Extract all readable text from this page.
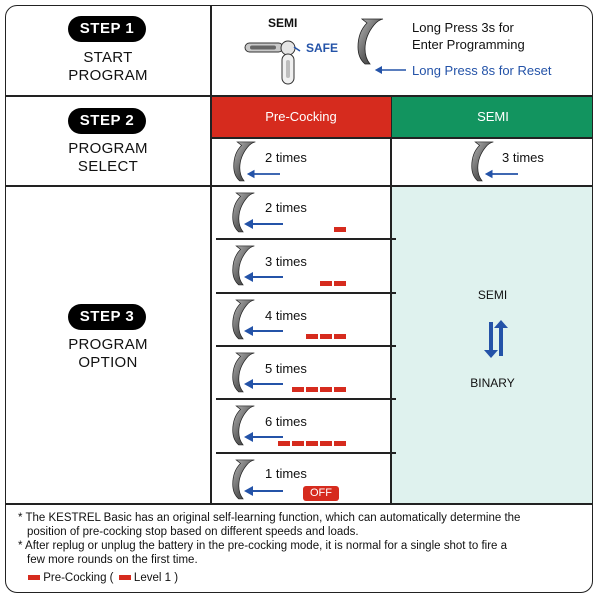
STEP 1
START
PROGRAM
SEMI
SAFE
Long Press 3s for
Enter Programming
Long Press 8s for Reset
STEP 2
PROGRAM
SELECT
Pre-Cocking	SEMI
2 times	3 times
STEP 3
PROGRAM
OPTION
SEMI
BINARY
2 times
3 times
4 times
5 times
6 times
1 times
OFF
* The KESTREL Basic has an original self-learning function, which can automatically determine the
position of pre-cocking stop based on different speeds and loads.
* After replug or unplug the battery in the pre-cocking mode, it is normal for a single shot to fire a
few more rounds on the first time.
Pre-Cocking ( Level 1 )
